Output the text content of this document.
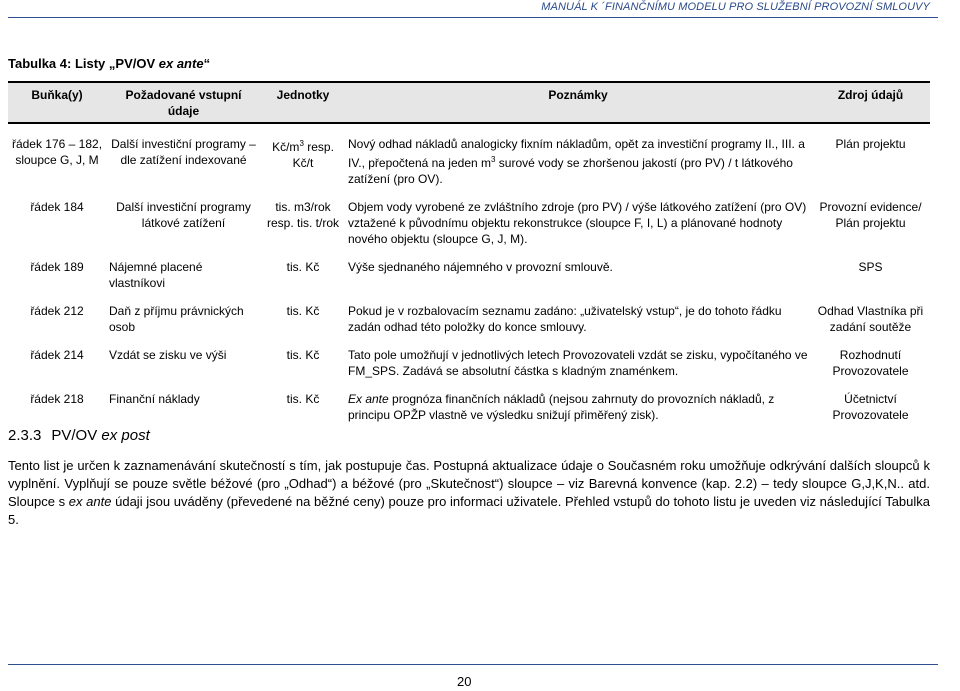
MANUÁL K ´FINANČNÍMU MODELU PRO SLUŽEBNÍ PROVOZNÍ SMLOUVY
Tabulka 4: Listy „PV/OV ex ante“
Buňka(y)	Požadované vstupní údaje	Jednotky	Poznámky	Zdroj údajů
řádek 176 – 182, sloupce G, J, M	Další investiční programy – dle zatížení indexované	$Kč/m^3$ resp. Kč/t	Nový odhad nákladů analogicky fixním nákladům, opět za investiční programy II., III. a IV., přepočtená na jeden $m^3$ surové vody se zhoršenou jakostí (pro PV) / t látkového zatížení (pro OV).	Plán projektu
řádek 184	Další investiční programy látkové zatížení	tis. m3/rok resp. tis. t/rok	Objem vody vyrobené ze zvláštního zdroje (pro PV) / výše látkového zatížení (pro OV) vztažené k původnímu objektu rekonstrukce (sloupce F, I, L) a plánované hodnoty nového objektu (sloupce G, J, M).	Provozní evidence/ Plán projektu
řádek 189	Nájemné placené vlastníkovi	tis. Kč	Výše sjednaného nájemného v provozní smlouvě.	SPS
řádek 212	Daň z příjmu právnických osob	tis. Kč	Pokud je v rozbalovacím seznamu zadáno: „uživatelský vstup“, je do tohoto řádku zadán odhad této položky do konce smlouvy.	Odhad Vlastníka při zadání soutěže
řádek 214	Vzdát se zisku ve výši	tis. Kč	Tato pole umožňují v jednotlivých letech Provozovateli vzdát se zisku, vypočítaného ve FM_SPS. Zadává se absolutní částka s kladným znaménkem.	Rozhodnutí Provozovatele
řádek 218	Finanční náklady	tis. Kč	Ex ante prognóza finančních nákladů (nejsou zahrnuty do provozních nákladů, z principu OPŽP vlastně ve výsledku snižují přiměřený zisk).	Účetnictví Provozovatele
2.3.3 PV/OV ex post
Tento list je určen k zaznamenávání skutečností s tím, jak postupuje čas. Postupná aktualizace údaje o Současném roku umožňuje odkrývání dalších sloupců k vyplnění. Vyplňují se pouze světle béžové (pro „Odhad“) a béžové (pro „Skutečnost“) sloupce – viz Barevná konvence (kap. 2.2) – tedy sloupce G,J,K,N.. atd. Sloupce s ex ante údaji jsou uváděny (převedené na běžné ceny) pouze pro informaci uživatele. Přehled vstupů do tohoto listu je uveden viz následující Tabulka 5.
20
